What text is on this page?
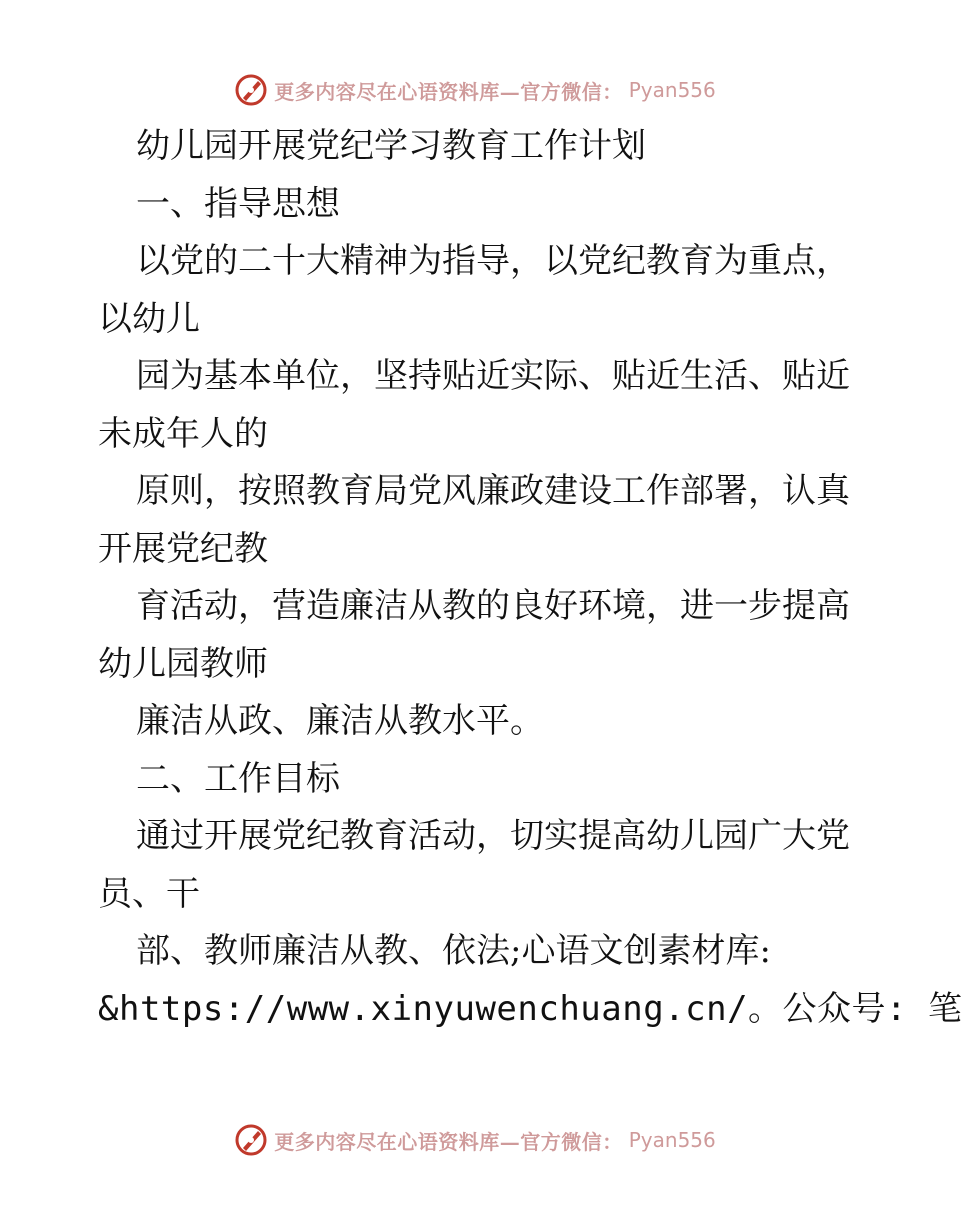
更多内容尽在心语资料库—官方微信： Pyan556
幼儿园开展党纪学习教育工作计划
一、指导思想
以党的二十大精神为指导，以党纪教育为重点，
以幼儿
园为基本单位，坚持贴近实际、贴近生活、贴近
未成年人的
原则，按照教育局党风廉政建设工作部署，认真
开展党纪教
育活动，营造廉洁从教的良好环境，进一步提高
幼儿园教师
廉洁从政、廉洁从教水平。
二、工作目标
通过开展党纪教育活动，切实提高幼儿园广大党
员、干
部、教师廉洁从教、依法;心语文创素材库:
&https://www.xinyuwenchuang.cn/。公众号: 笔
更多内容尽在心语资料库—官方微信： Pyan556
